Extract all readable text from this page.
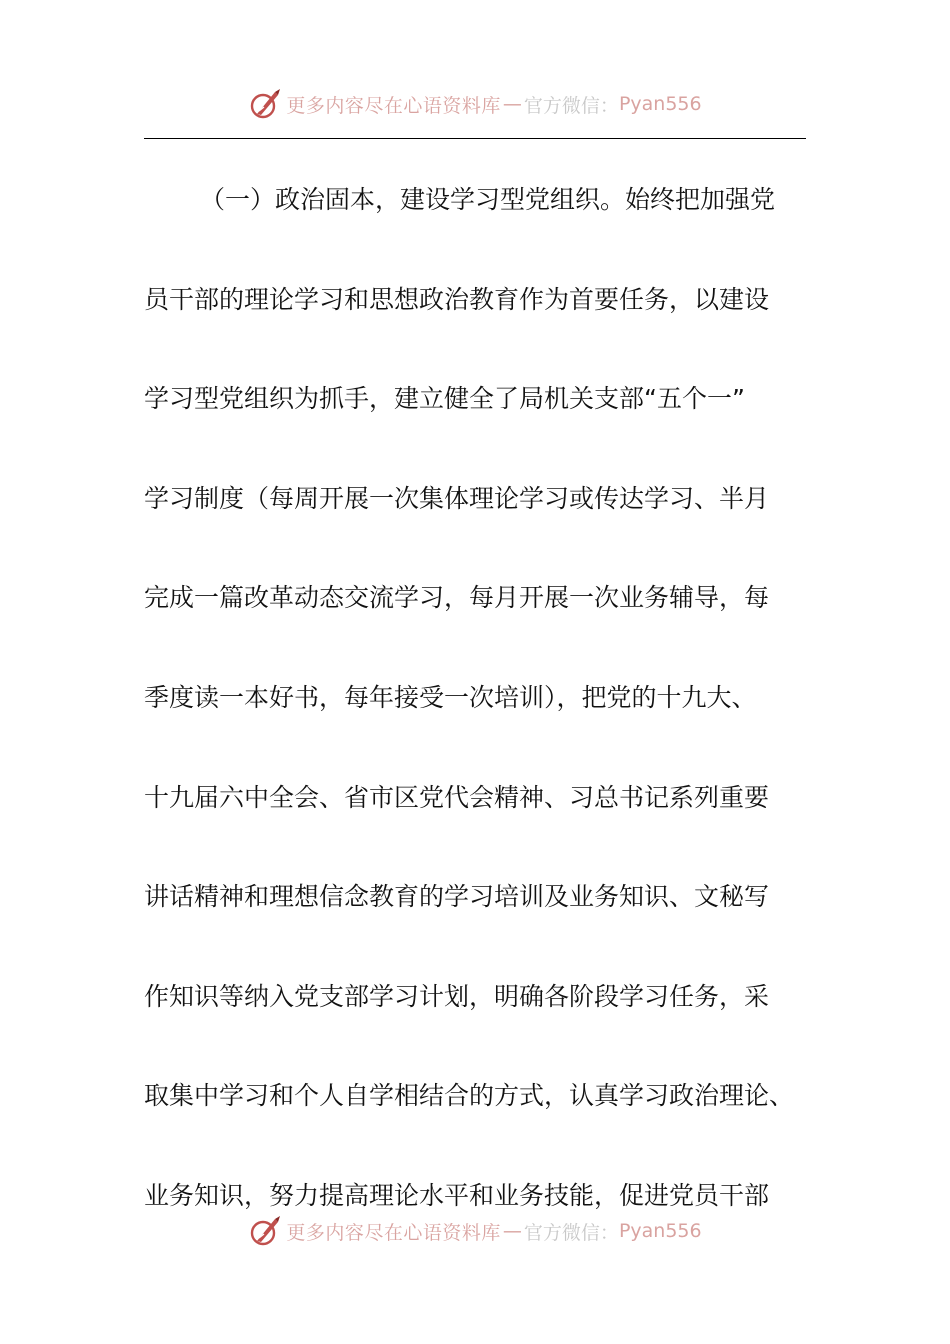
更多内容尽在心语资料库 — 官方微信： Pyan556
（一）政治固本，建设学习型党组织。始终把加强党
员干部的理论学习和思想政治教育作为首要任务，以建设
学习型党组织为抓手，建立健全了局机关支部“五个一”
学习制度（每周开展一次集体理论学习或传达学习、半月
完成一篇改革动态交流学习，每月开展一次业务辅导，每
季度读一本好书，每年接受一次培训），把党的十九大、
十九届六中全会、省市区党代会精神、习总书记系列重要
讲话精神和理想信念教育的学习培训及业务知识、文秘写
作知识等纳入党支部学习计划，明确各阶段学习任务，采
取集中学习和个人自学相结合的方式，认真学习政治理论、
业务知识，努力提高理论水平和业务技能，促进党员干部
更多内容尽在心语资料库 — 官方微信： Pyan556
